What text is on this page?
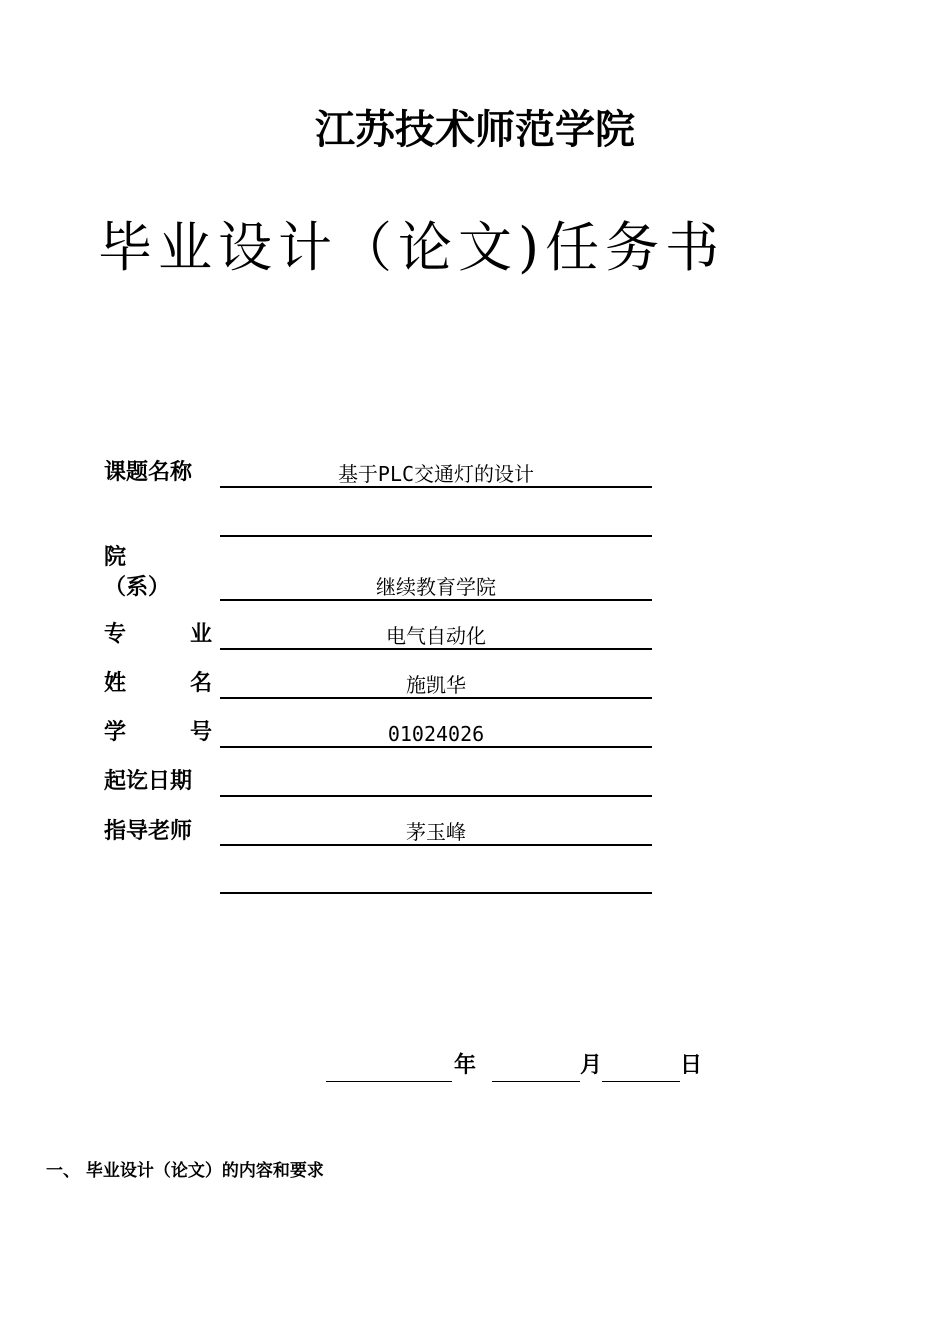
江苏技术师范学院
毕业设计（论文)任务书
课题名称	基于PLC交通灯的设计
院
（系）	继续教育学院
专	业	电气自动化
姓	名	施凯华
学	号	01024026
起讫日期
指导老师	茅玉峰
年	月	日
一、 毕业设计（论文）的内容和要求
